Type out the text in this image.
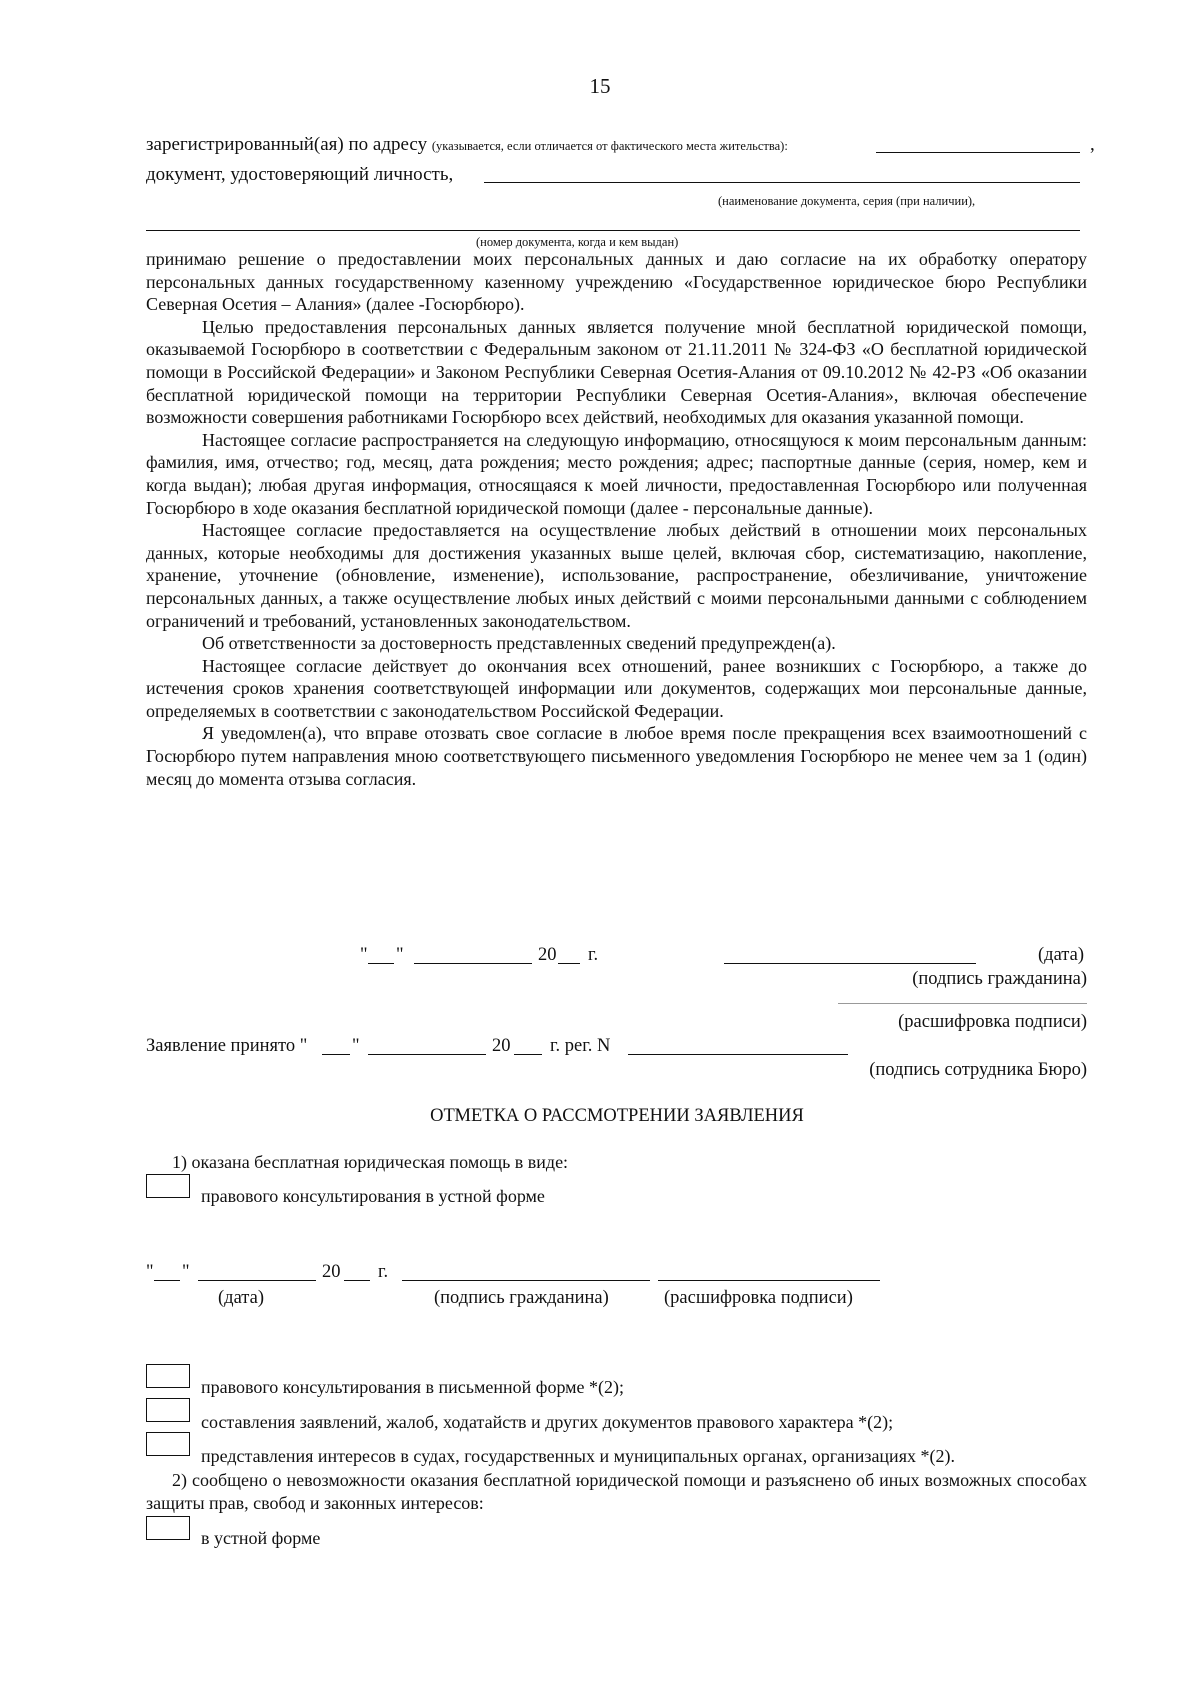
15
зарегистрированный(ая) по адресу (указывается, если отличается от фактического места жительства):	,
документ, удостоверяющий личность,
(наименование документа, серия (при наличии),
(номер документа, когда и кем выдан)

принимаю решение о предоставлении моих персональных данных и даю согласие на их обработку оператору персональных данных государственному казенному учреждению «Государственное юридическое бюро Республики Северная Осетия – Алания» (далее -Госюрбюро).

Целью предоставления персональных данных является получение мной бесплатной юридической помощи, оказываемой Госюрбюро в соответствии с Федеральным законом от 21.11.2011 № 324-ФЗ «О бесплатной юридической помощи в Российской Федерации» и Законом Республики Северная Осетия-Алания от 09.10.2012 № 42-РЗ «Об оказании бесплатной юридической помощи на территории Республики Северная Осетия-Алания», включая обеспечение возможности совершения работниками Госюрбюро всех действий, необходимых для оказания указанной помощи.

Настоящее согласие распространяется на следующую информацию, относящуюся к моим персональным данным: фамилия, имя, отчество; год, месяц, дата рождения; место рождения; адрес; паспортные данные (серия, номер, кем и когда выдан); любая другая информация, относящаяся к моей личности, предоставленная Госюрбюро или полученная Госюрбюро в ходе оказания бесплатной юридической помощи (далее - персональные данные).

Настоящее согласие предоставляется на осуществление любых действий в отношении моих персональных данных, которые необходимы для достижения указанных выше целей, включая сбор, систематизацию, накопление, хранение, уточнение (обновление, изменение), использование, распространение, обезличивание, уничтожение персональных данных, а также осуществление любых иных действий с моими персональными данными с соблюдением ограничений и требований, установленных законодательством.

Об ответственности за достоверность представленных сведений предупрежден(а).

Настоящее согласие действует до окончания всех отношений, ранее возникших с Госюрбюро, а также до истечения сроков хранения соответствующей информации или документов, содержащих мои персональные данные, определяемых в соответствии с законодательством Российской Федерации.

Я уведомлен(а), что вправе отозвать свое согласие в любое время после прекращения всех взаимоотношений с Госюрбюро путем направления мною соответствующего письменного уведомления Госюрбюро не менее чем за 1 (один) месяц до момента отзыва согласия.

" "	20 г.	(дата)
(подпись гражданина)
(расшифровка подписи)
Заявление принято " "	20 г. рег. N
(подпись сотрудника Бюро)
ОТМЕТКА О РАССМОТРЕНИИ ЗАЯВЛЕНИЯ
1) оказана бесплатная юридическая помощь в виде:
правового консультирования в устной форме
" "	20 г.
(дата)	(подпись гражданина)	(расшифровка подписи)
правового консультирования в письменной форме *(2);
составления заявлений, жалоб, ходатайств и других документов правового характера *(2);
представления интересов в судах, государственных и муниципальных органах, организациях *(2).
2) сообщено о невозможности оказания бесплатной юридической помощи и разъяснено об иных возможных способах защиты прав, свобод и законных интересов:
в устной форме
